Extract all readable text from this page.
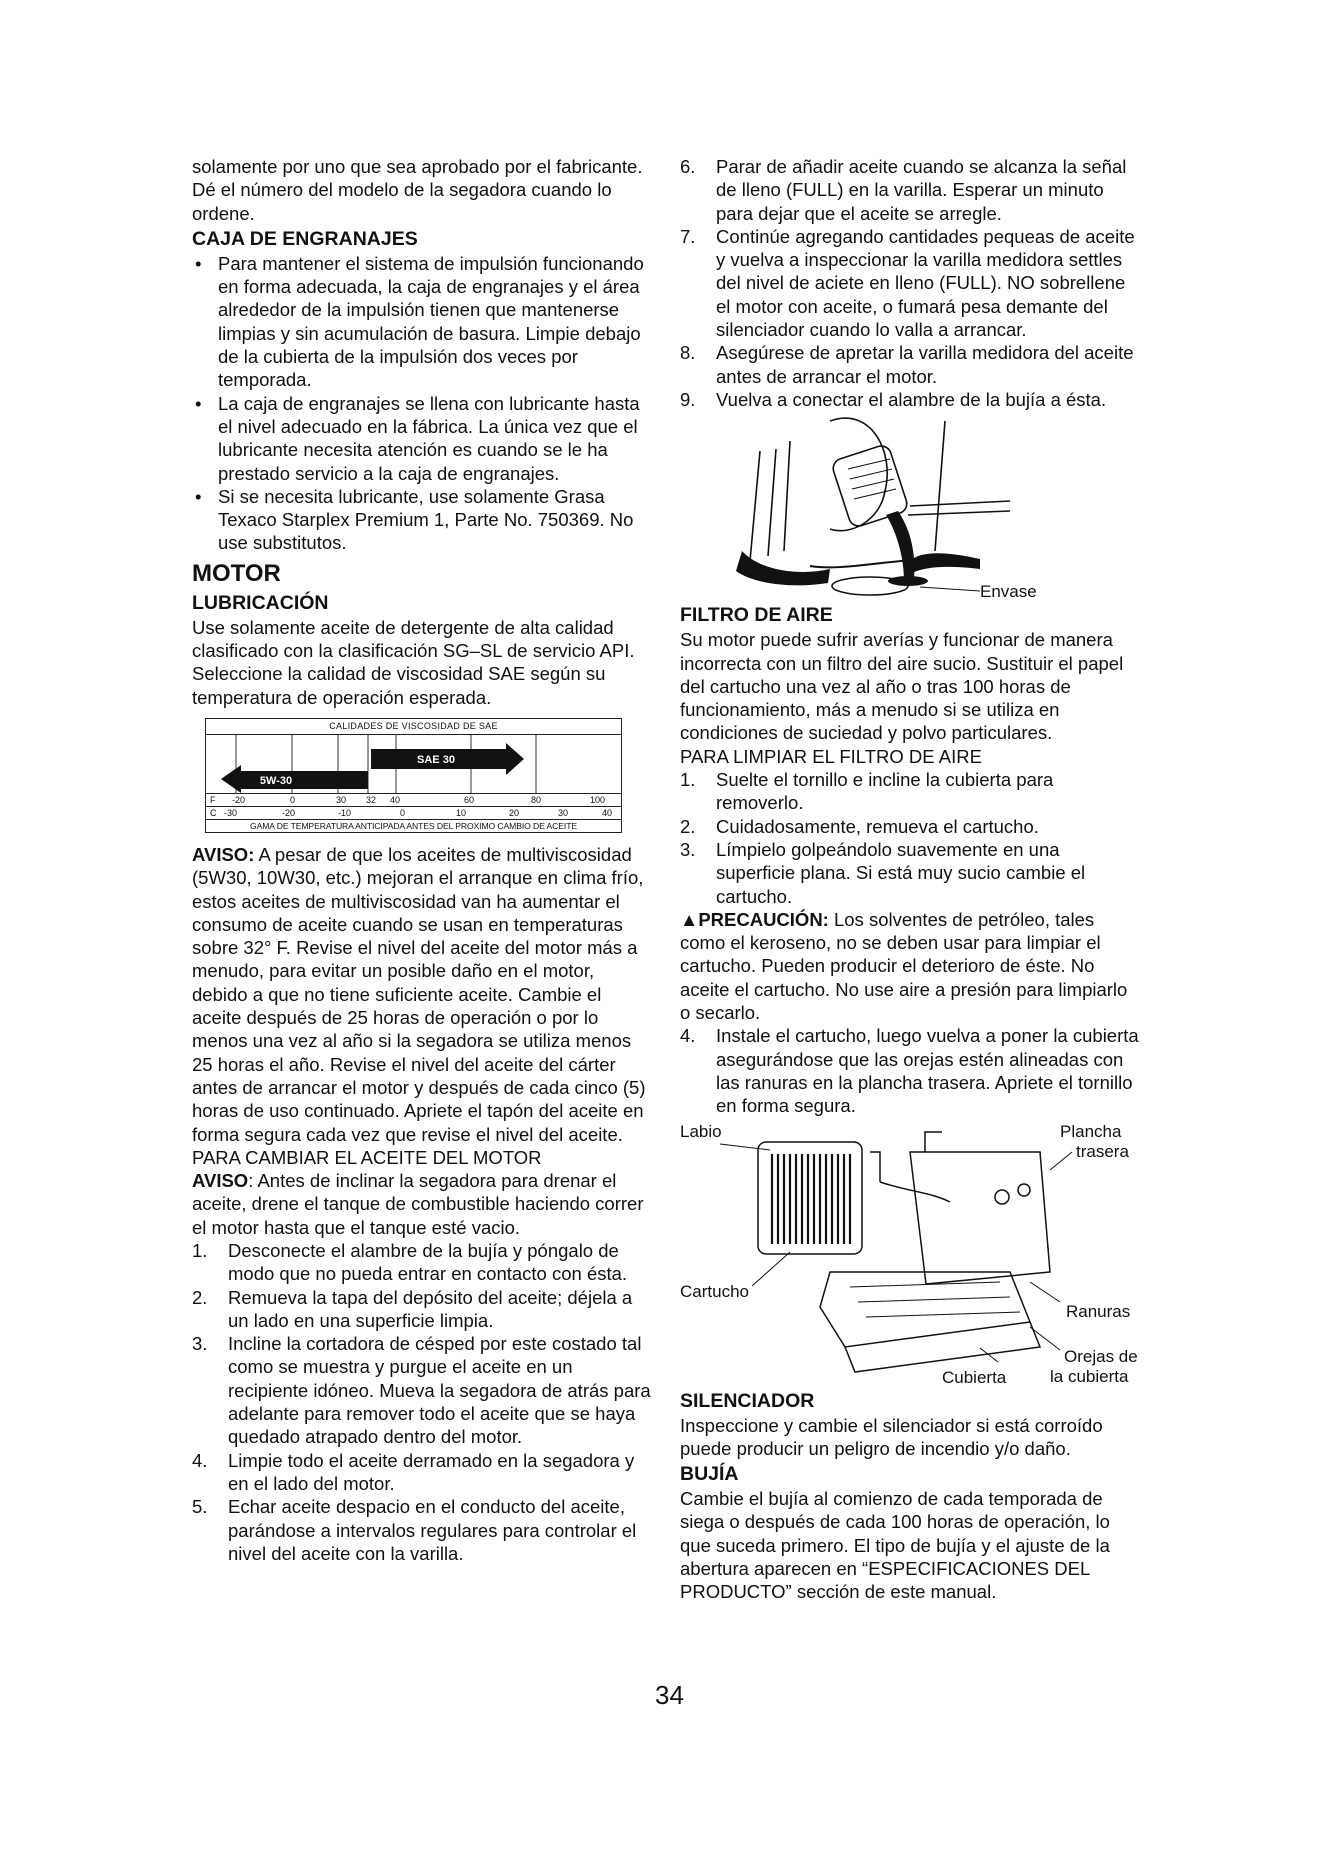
solamente por uno que sea aprobado por el fabricante. Dé el número del modelo de la segadora cuando lo ordene.

CAJA DE ENGRANAJES

• Para mantener el sistema de impulsión funcionando en forma adecuada, la caja de engranajes y el área alrededor de la impulsión tienen que mantenerse limpias y sin acumulación de basura. Limpie debajo de la cubierta de la impulsión dos veces por temporada.

• La caja de engranajes se llena con lubricante hasta el nivel adecuado en la fábrica. La única vez que el lubricante necesita atención es cuando se le ha prestado servicio a la caja de engranajes.

• Si se necesita lubricante, use solamente Grasa Texaco Starplex Premium 1, Parte No. 750369. No use substitutos.

MOTOR
LUBRICACIÓN

Use solamente aceite de detergente de alta calidad clasificado con la clasificación SG–SL de servicio API. Seleccione la calidad de viscosidad SAE según su temperatura de operación esperada.

CALIDADES DE VISCOSIDAD DE SAE
SAE 30
5W-30
F -20	0	30 32 40	60	80	100
C -30	-20	-10	0	10	20	30	40
GAMA DE TEMPERATURA ANTICIPADA ANTES DEL PROXIMO CAMBIO DE ACEITE

AVISO: A pesar de que los aceites de multiviscosidad (5W30, 10W30, etc.) mejoran el arranque en clima frío, estos aceites de multiviscosidad van ha aumentar el consumo de aceite cuando se usan en temperaturas sobre 32° F. Revise el nivel del aceite del motor más a menudo, para evitar un posible daño en el motor, debido a que no tiene suficiente aceite. Cambie el aceite después de 25 horas de operación o por lo menos una vez al año si la segadora se utiliza menos 25 horas el año. Revise el nivel del aceite del cárter antes de arrancar el motor y después de cada cinco (5) horas de uso continuado. Apriete el tapón del aceite en forma segura cada vez que revise el nivel del aceite.

PARA CAMBIAR EL ACEITE DEL MOTOR

AVISO: Antes de inclinar la segadora para drenar el aceite, drene el tanque de combustible haciendo correr el motor hasta que el tanque esté vacio.

1. Desconecte el alambre de la bujía y póngalo de modo que no pueda entrar en contacto con ésta.

2. Remueva la tapa del depósito del aceite; déjela a un lado en una superficie limpia.

3. Incline la cortadora de césped por este costado tal como se muestra y purgue el aceite en un recipiente idóneo. Mueva la segadora de atrás para adelante para remover todo el aceite que se haya quedado atrapado dentro del motor.

4. Limpie todo el aceite derramado en la segadora y en el lado del motor.

5. Echar aceite despacio en el conducto del aceite, parándose a intervalos regulares para controlar el nivel del aceite con la varilla.

6. Parar de añadir aceite cuando se alcanza la señal de lleno (FULL) en la varilla. Esperar un minuto para dejar que el aceite se arregle.

7. Continúe agregando cantidades pequeas de aceite y vuelva a inspeccionar la varilla medidora settles del nivel de aciete en lleno (FULL). NO sobrellene el motor con aceite, o fumará pesa demante del silenciador cuando lo valla a arrancar.

8. Asegúrese de apretar la varilla medidora del aceite antes de arrancar el motor.

9. Vuelva a conectar el alambre de la bujía a ésta.

Envase
FILTRO DE AIRE

Su motor puede sufrir averías y funcionar de manera incorrecta con un filtro del aire sucio. Sustituir el papel del cartucho una vez al año o tras 100 horas de funcionamiento, más a menudo si se utiliza en condiciones de suciedad y polvo particulares.

PARA LIMPIAR EL FILTRO DE AIRE

1. Suelte el tornillo e incline la cubierta para removerlo.

2. Cuidadosamente, remueva el cartucho.

3. Límpielo golpeándolo suavemente en una superficie plana. Si está muy sucio cambie el cartucho.

▲PRECAUCIÓN: Los solventes de petróleo, tales como el keroseno, no se deben usar para limpiar el cartucho. Pueden producir el deterioro de éste. No aceite el cartucho. No use aire a presión para limpiarlo o secarlo.

4. Instale el cartucho, luego vuelva a poner la cubierta asegurándose que las orejas estén alineadas con las ranuras en la plancha trasera. Apriete el tornillo en forma segura.

Labio	Plancha
trasera
Cartucho
Ranuras
Orejas de
la cubierta
Cubierta
SILENCIADOR

Inspeccione y cambie el silenciador si está corroído puede producir un peligro de incendio y/o daño.

BUJÍA

Cambie el bujía al comienzo de cada temporada de siega o después de cada 100 horas de operación, lo que suceda primero. El tipo de bujía y el ajuste de la abertura aparecen en “ESPECIFICACIONES DEL PRODUCTO” sección de este manual.

34
